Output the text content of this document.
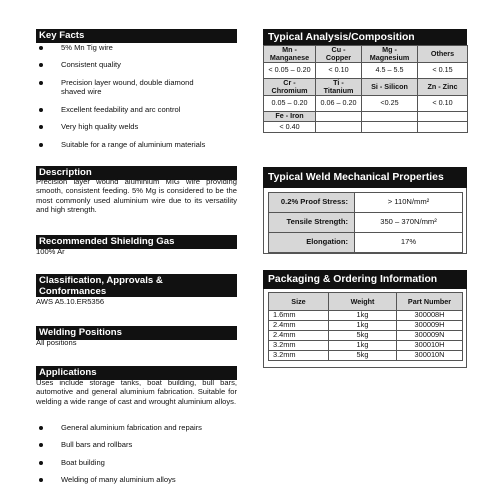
Key Facts
5% Mn Tig wire
Consistent quality
Precision layer wound, double diamond shaved wire
Excellent feedability and arc control
Very high quality welds
Suitable for a range of aluminium materials
Description

Precision layer wound aluminium MIG wire providing smooth, consistent feeding. 5% Mg is considered to be the most commonly used aluminium wire due to its versatility and high strength.

Recommended Shielding Gas

100% Ar

Classification, Approvals & Conformances

AWS A5.10.ER5356

Welding Positions

All positions

Applications

Uses include storage tanks, boat building, bull bars, automotive and general aluminium fabrication. Suitable for welding a wide range of cast and wrought aluminium alloys.

General aluminium fabrication and repairs
Bull bars and rollbars
Boat building
Welding of many aluminium alloys
Typical Analysis/Composition
Mn - Manganese	Cu - Copper	Mg - Magnesium	Others
< 0.05 – 0.20	< 0.10	4.5 – 5.5	< 0.15
Cr - Chromium	Ti - Titanium	Si - Silicon	Zn - Zinc
0.05 – 0.20	0.06 – 0.20	<0.25	< 0.10
Fe - Iron			
< 0.40			
Typical Weld Mechanical Properties
0.2% Proof Stress:	> 110N/mm²
Tensile Strength:	350 – 370N/mm²
Elongation:	17%
Packaging & Ordering Information
Size	Weight	Part Number
1.6mm	1kg	300008H
2.4mm	1kg	300009H
2.4mm	5kg	300009N
3.2mm	1kg	300010H
3.2mm	5kg	300010N
